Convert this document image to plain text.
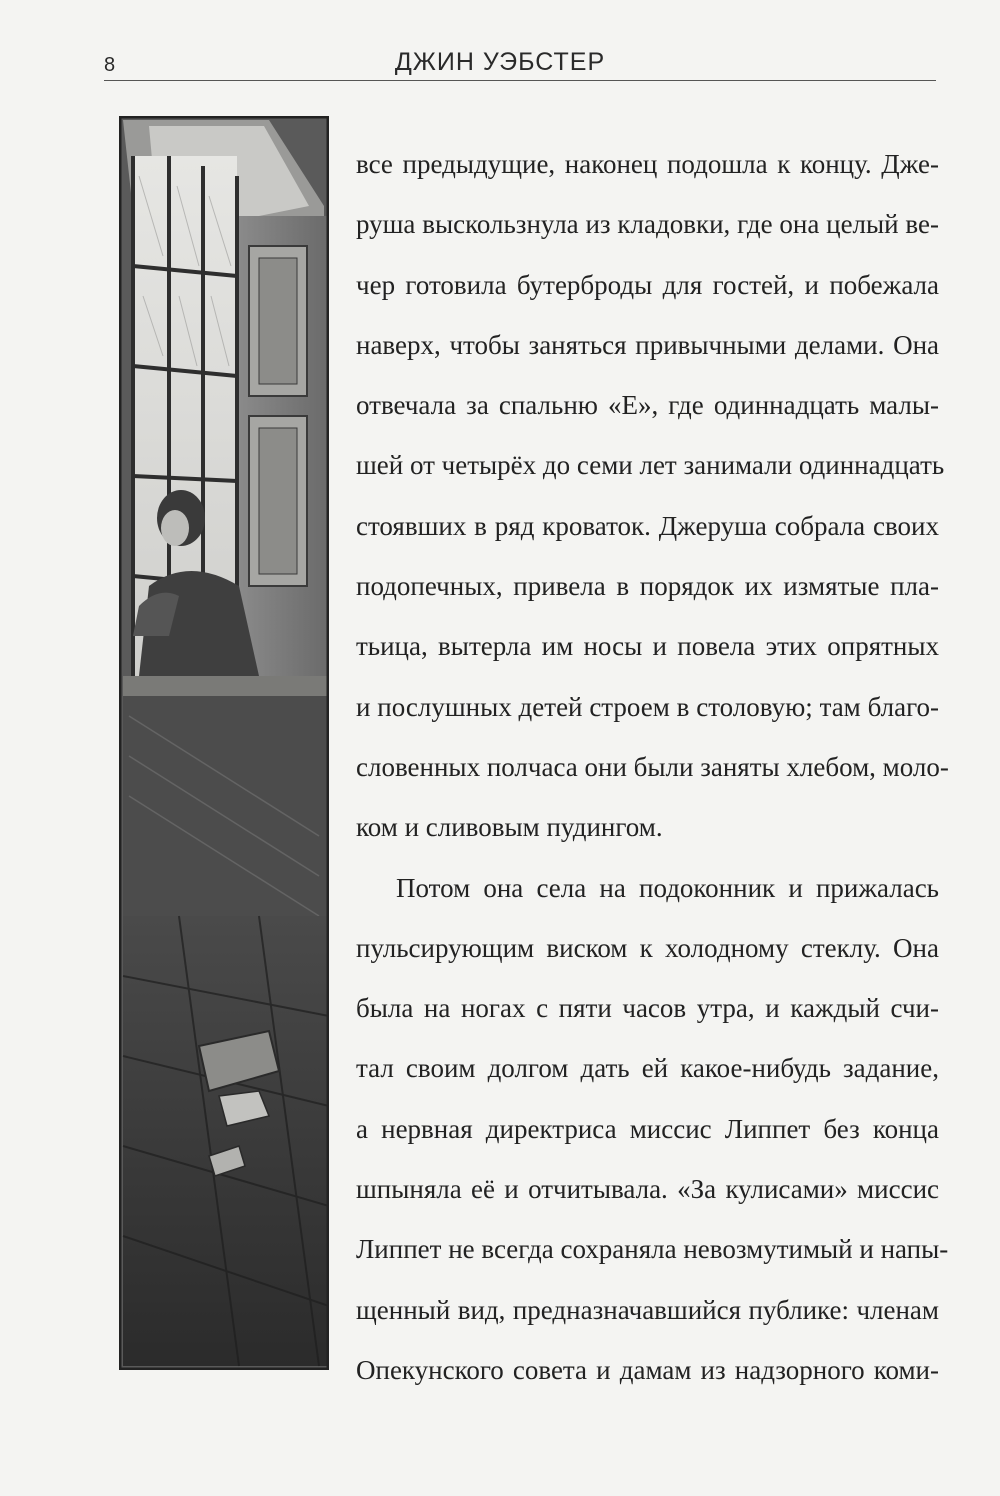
8	ДЖИН УЭБСТЕР
все предыдущие, наконец подошла к концу. Дже-
руша выскользнула из кладовки, где она целый ве-
чер готовила бутерброды для гостей, и побежала
наверх, чтобы заняться привычными делами. Она
отвечала за спальню «Е», где одиннадцать малы-
шей от четырёх до семи лет занимали одиннадцать
стоявших в ряд кроваток. Джеруша собрала своих
подопечных, привела в порядок их измятые пла-
тьица, вытерла им носы и повела этих опрятных
и послушных детей строем в столовую; там благо-
словенных полчаса они были заняты хлебом, моло-
ком и сливовым пудингом.
Потом она села на подоконник и прижалась
пульсирующим виском к холодному стеклу. Она
была на ногах с пяти часов утра, и каждый счи-
тал своим долгом дать ей какое-нибудь задание,
а нервная директриса миссис Липпет без конца
шпыняла её и отчитывала. «За кулисами» миссис
Липпет не всегда сохраняла невозмутимый и напы-
щенный вид, предназначавшийся публике: членам
Опекунского совета и дамам из надзорного коми-
